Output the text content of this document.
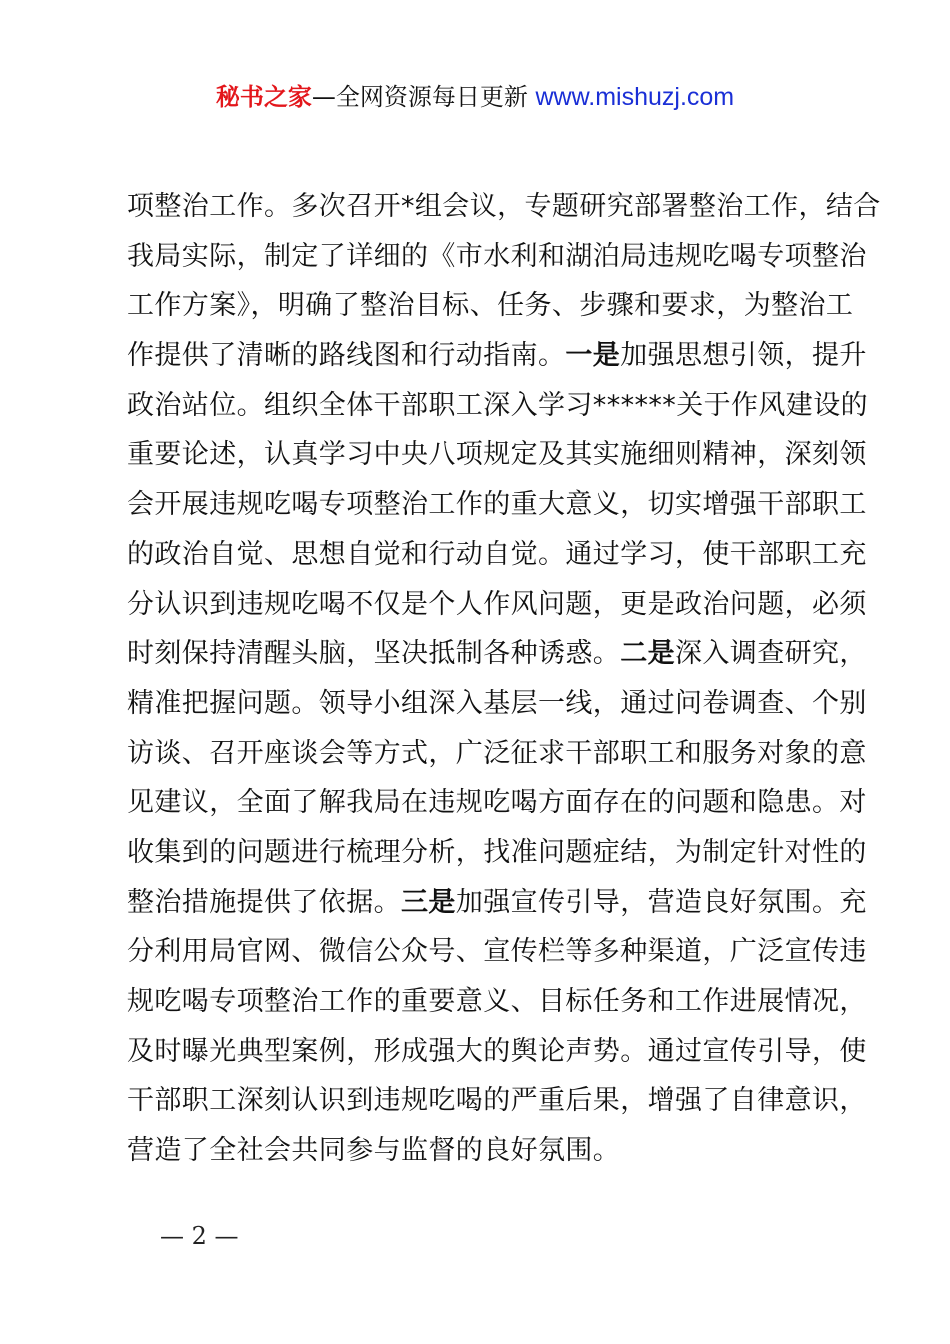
秘书之家—全网资源每日更新 www.mishuzj.com
项整治工作。多次召开*组会议，专题研究部署整治工作，结合
我局实际，制定了详细的《市水利和湖泊局违规吃喝专项整治
工作方案》，明确了整治目标、任务、步骤和要求，为整治工
作提供了清晰的路线图和行动指南。一是加强思想引领，提升
政治站位。组织全体干部职工深入学习******关于作风建设的
重要论述，认真学习中央八项规定及其实施细则精神，深刻领
会开展违规吃喝专项整治工作的重大意义，切实增强干部职工
的政治自觉、思想自觉和行动自觉。通过学习，使干部职工充
分认识到违规吃喝不仅是个人作风问题，更是政治问题，必须
时刻保持清醒头脑，坚决抵制各种诱惑。二是深入调查研究，
精准把握问题。领导小组深入基层一线，通过问卷调查、个别
访谈、召开座谈会等方式，广泛征求干部职工和服务对象的意
见建议，全面了解我局在违规吃喝方面存在的问题和隐患。对
收集到的问题进行梳理分析，找准问题症结，为制定针对性的
整治措施提供了依据。三是加强宣传引导，营造良好氛围。充
分利用局官网、微信公众号、宣传栏等多种渠道，广泛宣传违
规吃喝专项整治工作的重要意义、目标任务和工作进展情况，
及时曝光典型案例，形成强大的舆论声势。通过宣传引导，使
干部职工深刻认识到违规吃喝的严重后果，增强了自律意识，
营造了全社会共同参与监督的良好氛围。
— 2 —
